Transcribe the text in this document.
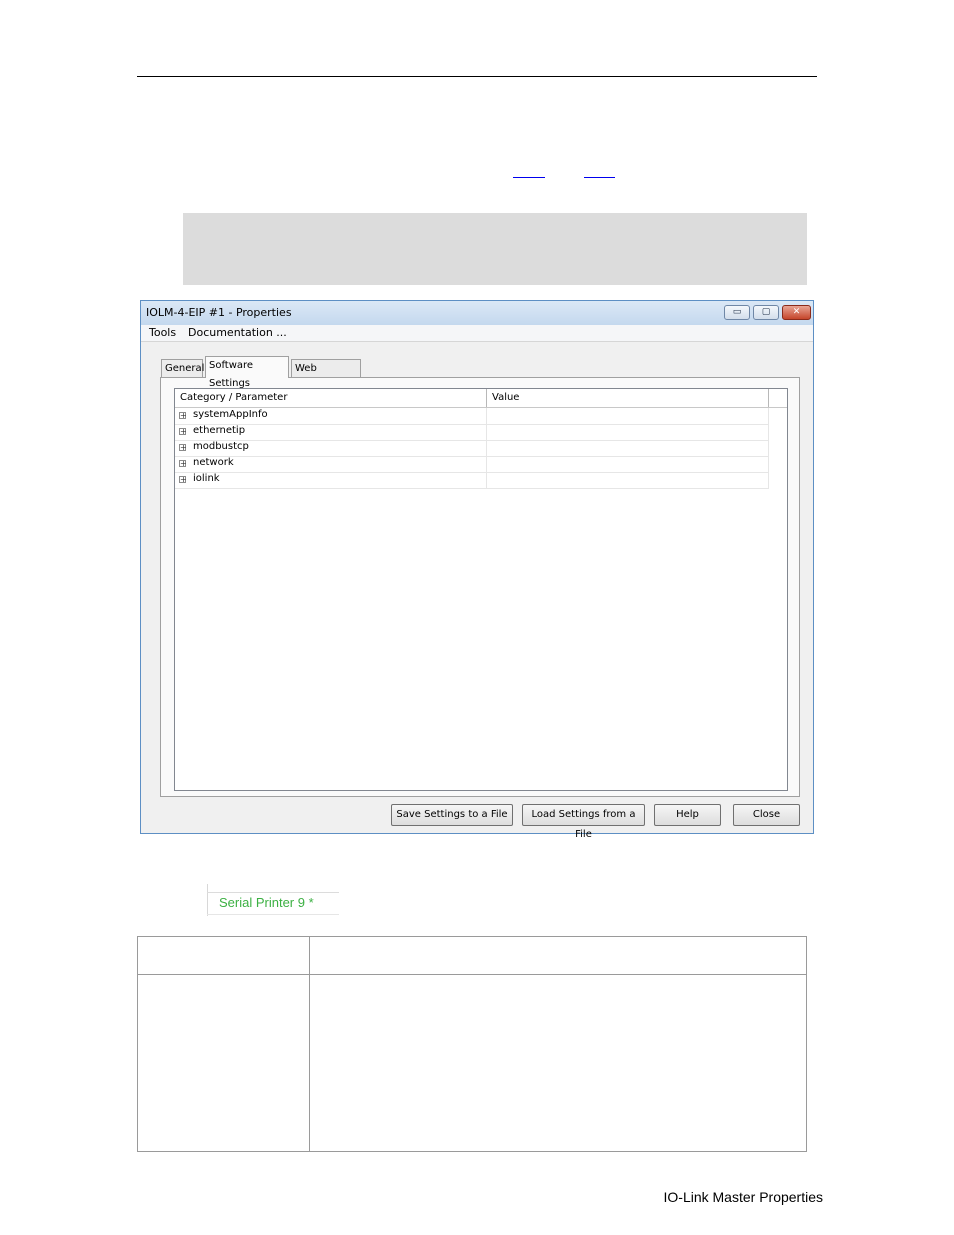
IOLM-4-EIP #1 - Properties	▭	▢	✕
Tools Documentation ...
General Software Settings
Web
Category / Parameter	Value
+ systemAppInfo
+ ethernetip
+ modbustcp
+ network
+ iolink
Save Settings to a File	Load Settings from a File
Help	Close
Serial Printer 9 *
IO-Link Master Properties
